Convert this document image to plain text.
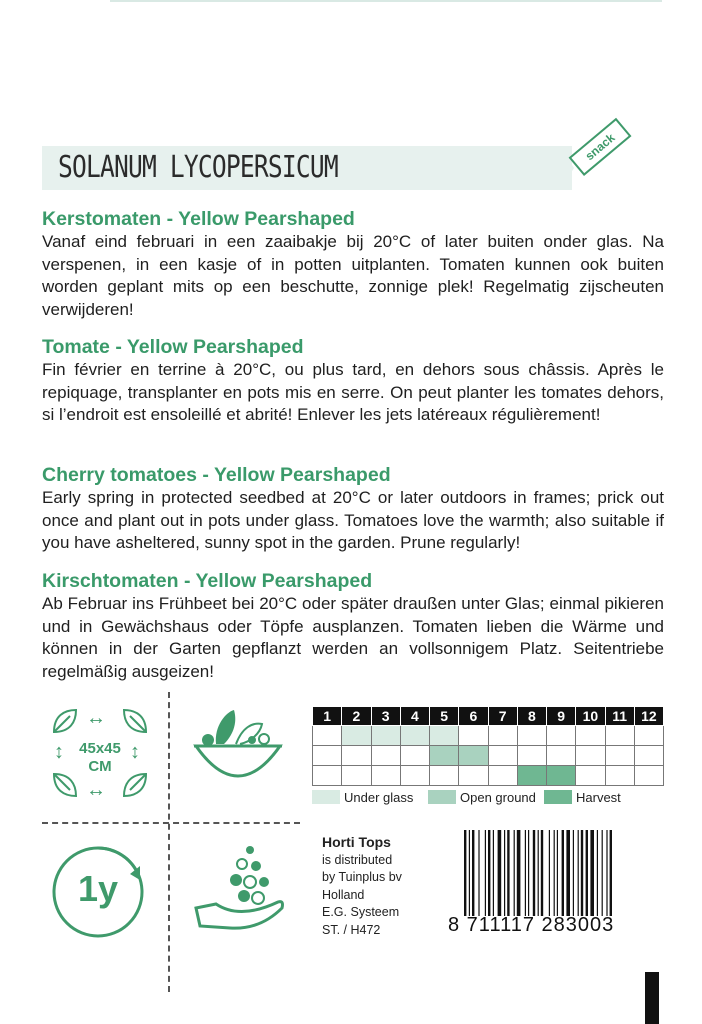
SOLANUM LYCOPERSICUM
snack
Kerstomaten - Yellow Pearshaped

Vanaf eind februari in een zaaibakje bij 20°C of later buiten onder glas. Na verspenen, in een kasje of in potten uitplanten. Tomaten kunnen ook buiten worden geplant mits op een beschutte, zonnige plek! Regelmatig zijscheuten verwijderen!

Tomate - Yellow Pearshaped

Fin février en terrine à 20°C, ou plus tard, en dehors sous châssis. Après le repiquage, transplanter en pots mis en serre. On peut planter les tomates dehors, si l’endroit est ensoleillé et abrité! Enlever les jets latéreaux régulièrement!

Cherry tomatoes - Yellow Pearshaped

Early spring in protected seedbed at 20°C or later outdoors in frames; prick out once and plant out in pots under glass. Tomatoes love the warmth; also suitable if you have asheltered, sunny spot in the garden. Prune regularly!

Kirschtomaten - Yellow Pearshaped

Ab Februar ins Frühbeet bei 20°C oder später draußen unter Glas; einmal pikieren und in Gewächshaus oder Töpfe ausplanzen. Tomaten lieben die Wärme und können in der Garten gepflanzt werden an vollsonnigem Platz. Seitentriebe regelmäßig ausgeizen!

↔
↔
↕	↕
45x45
CM
1y
1	2	3	4	5	6	7	8	9	10	11	12

Under glass	Open ground	Harvest
Horti Tops
is distributed
by Tuinplus bv
Holland
E.G. Systeem
ST. / H472	8 711117 283003
